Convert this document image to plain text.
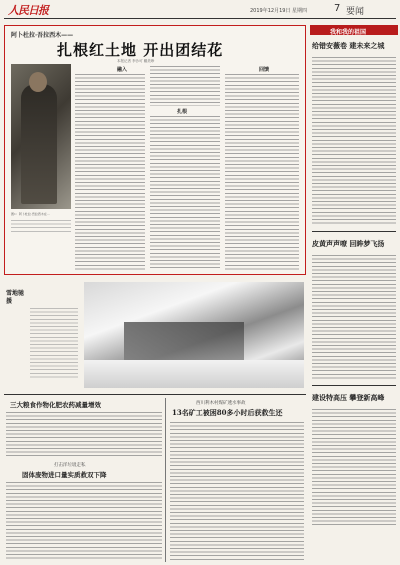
人民日报	2019年12月19日 星期四	7 要闻
阿卜杜拉·吾拉西木——
扎根红土地 开出团结花
本报记者 李沙可 戴美珍
图1：阿卜杜拉·吾拉西木在...
融入
扎根
回馈
我和我的祖国
给错安薇卷 建未来之城
皮黄声声嘹 回眸梦飞扬
建设特高压 攀登新高峰
雪地驰援
三大粮食作物化肥农药减量增效
打击洋垃圾走私
固体废物进口量实质救双下降
西川利木村煤矿透水事故
13名矿工被困80多小时后获救生还
